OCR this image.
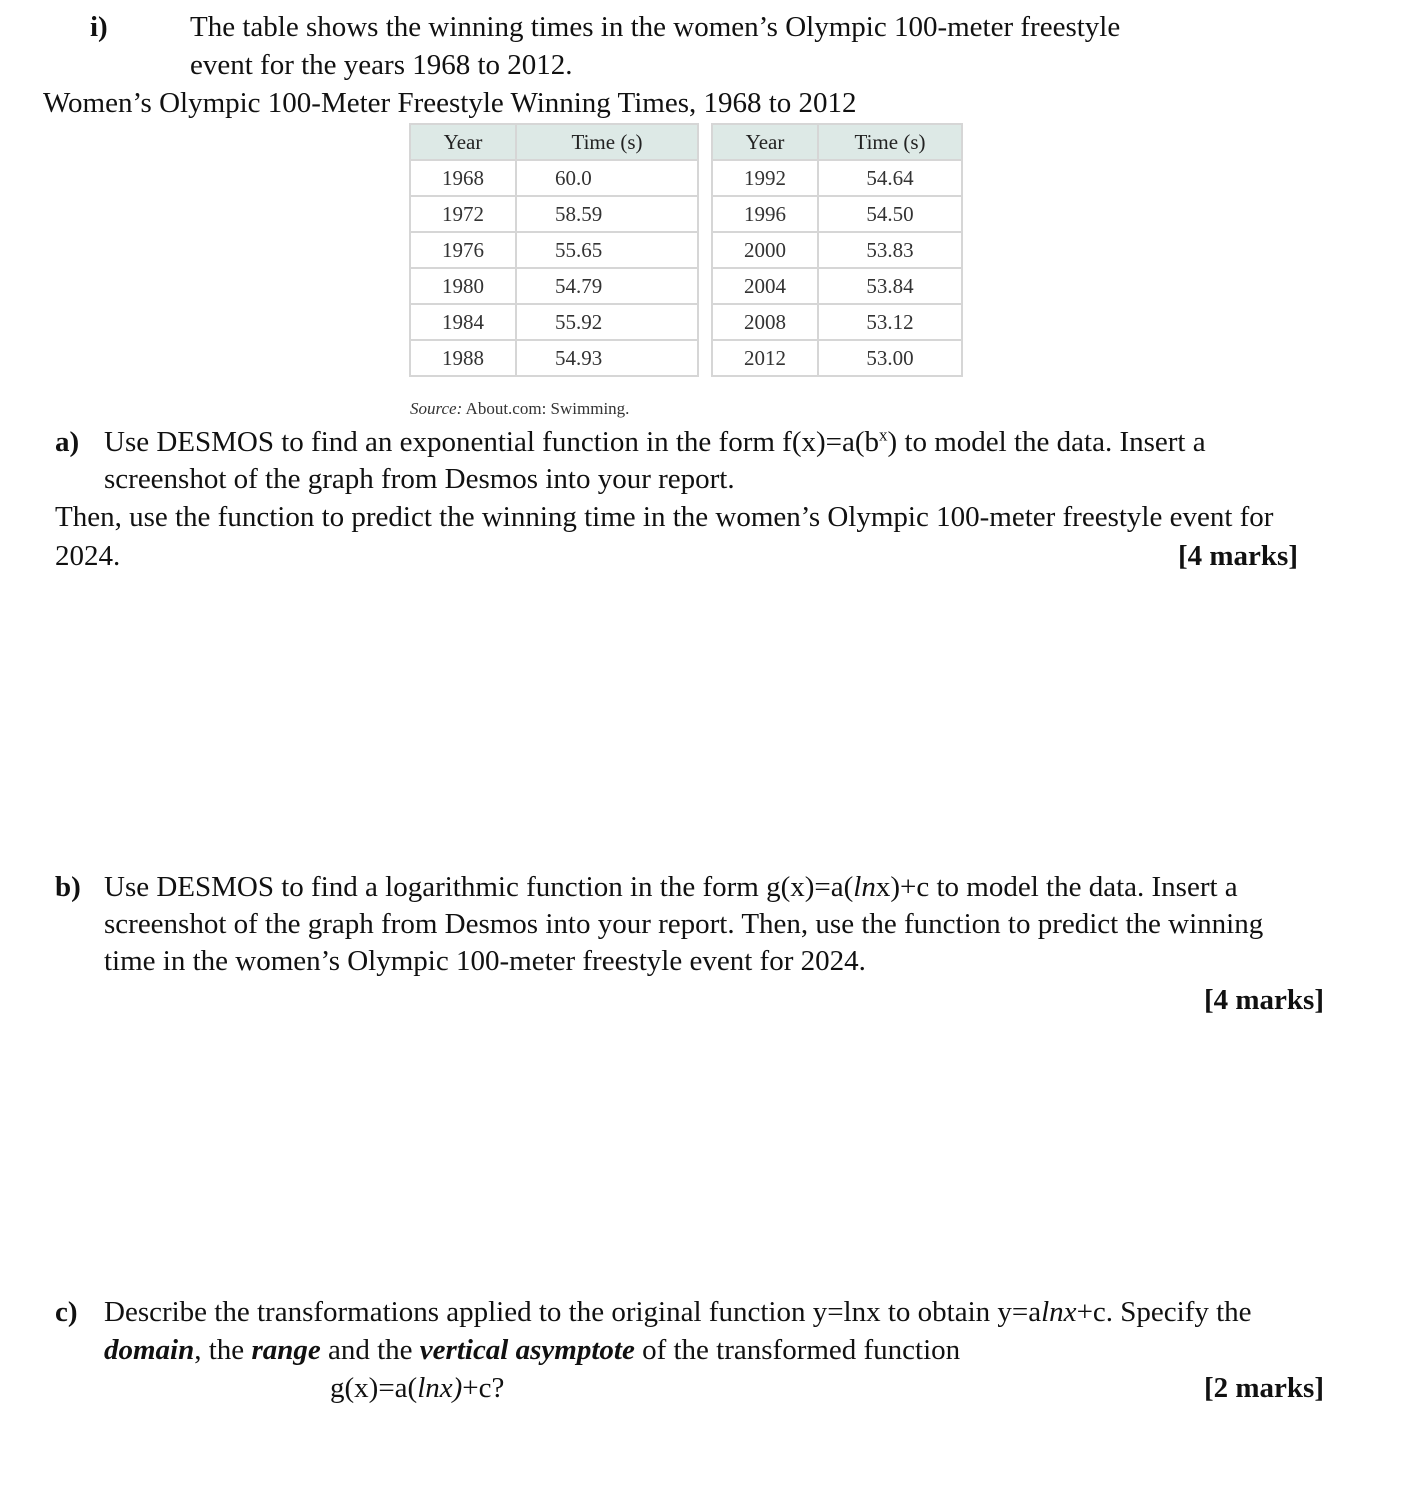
i)	The table shows the winning times in the women’s Olympic 100-meter freestyle
event for the years 1968 to 2012.
Women’s Olympic 100-Meter Freestyle Winning Times, 1968 to 2012
Year	Time (s)
1968	60.0
1972	58.59
1976	55.65
1980	54.79
1984	55.92
1988	54.93
Year	Time (s)
1992	54.64
1996	54.50
2000	53.83
2004	53.84
2008	53.12
2012	53.00
Source: About.com: Swimming.
a) Use DESMOS to find an exponential function in the form $f(x)=a(b^x)$ to model the data. Insert a
screenshot of the graph from Desmos into your report.
Then, use the function to predict the winning time in the women’s Olympic 100-meter freestyle event for
2024.	[4 marks]
b) Use DESMOS to find a logarithmic function in the form g(x)=a(lnx)+c to model the data. Insert a
screenshot of the graph from Desmos into your report. Then, use the function to predict the winning
time in the women’s Olympic 100-meter freestyle event for 2024.
[4 marks]
c) Describe the transformations applied to the original function y=lnx to obtain y=alnx+c. Specify the
domain, the range and the vertical asymptote of the transformed function
g(x)=a(lnx)+c?	[2 marks]
